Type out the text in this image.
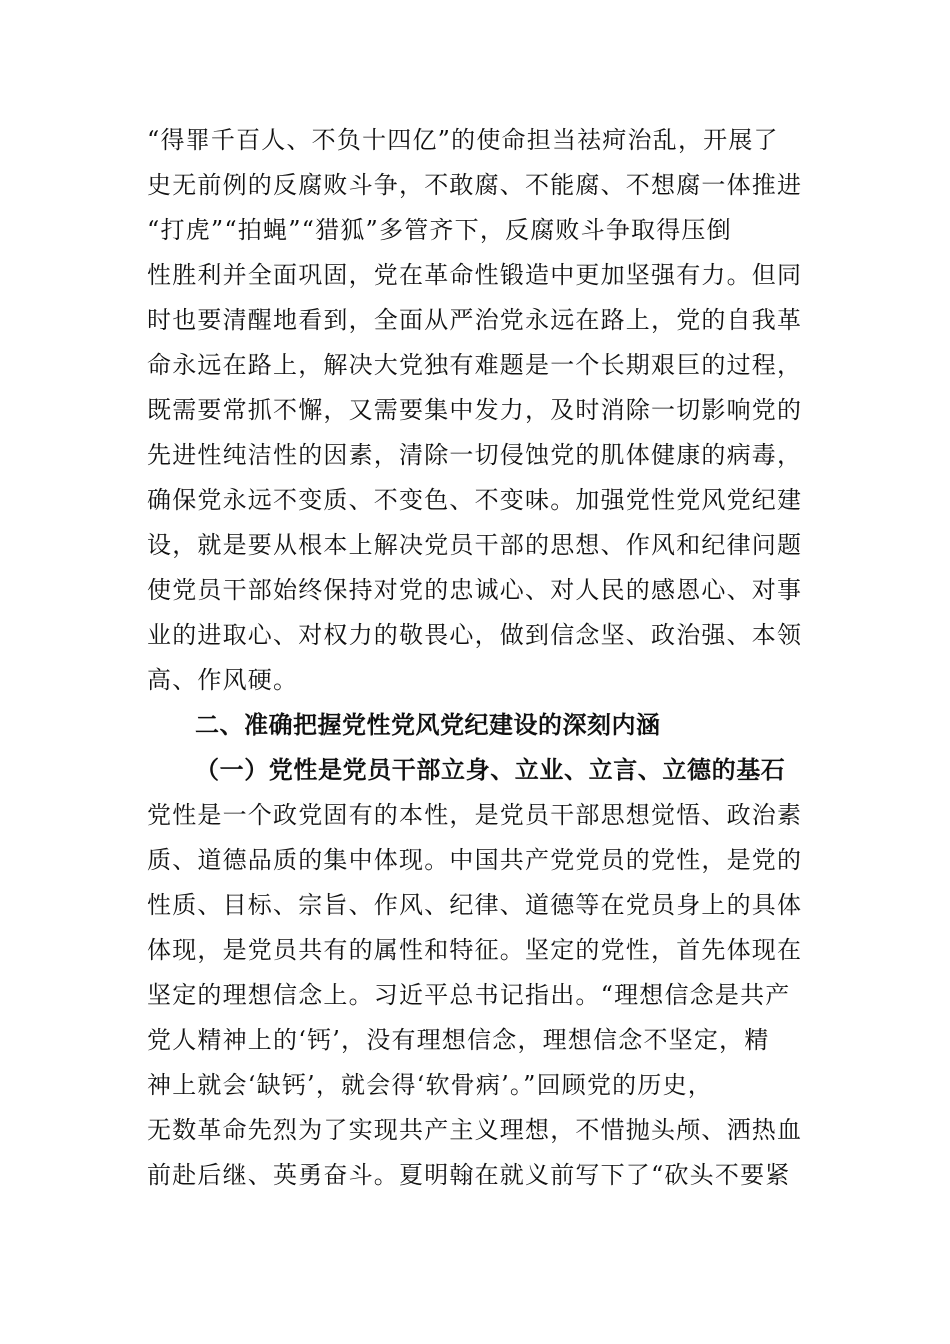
“得罪千百人、不负十四亿”的使命担当祛疴治乱，开展了
史无前例的反腐败斗争，不敢腐、不能腐、不想腐一体推进
“打虎”“拍蝇”“猎狐”多管齐下，反腐败斗争取得压倒
性胜利并全面巩固，党在革命性锻造中更加坚强有力。但同
时也要清醒地看到，全面从严治党永远在路上，党的自我革
命永远在路上，解决大党独有难题是一个长期艰巨的过程，
既需要常抓不懈，又需要集中发力，及时消除一切影响党的
先进性纯洁性的因素，清除一切侵蚀党的肌体健康的病毒，
确保党永远不变质、不变色、不变味。加强党性党风党纪建
设，就是要从根本上解决党员干部的思想、作风和纪律问题
使党员干部始终保持对党的忠诚心、对人民的感恩心、对事
业的进取心、对权力的敬畏心，做到信念坚、政治强、本领
高、作风硬。
二、准确把握党性党风党纪建设的深刻内涵
（一）党性是党员干部立身、立业、立言、立德的基石
党性是一个政党固有的本性，是党员干部思想觉悟、政治素
质、道德品质的集中体现。中国共产党党员的党性，是党的
性质、目标、宗旨、作风、纪律、道德等在党员身上的具体
体现，是党员共有的属性和特征。坚定的党性，首先体现在
坚定的理想信念上。习近平总书记指出。“理想信念是共产
党人精神上的‘钙’，没有理想信念，理想信念不坚定，精
神上就会‘缺钙’，就会得‘软骨病’。”回顾党的历史，
无数革命先烈为了实现共产主义理想，不惜抛头颅、洒热血
前赴后继、英勇奋斗。夏明翰在就义前写下了“砍头不要紧
